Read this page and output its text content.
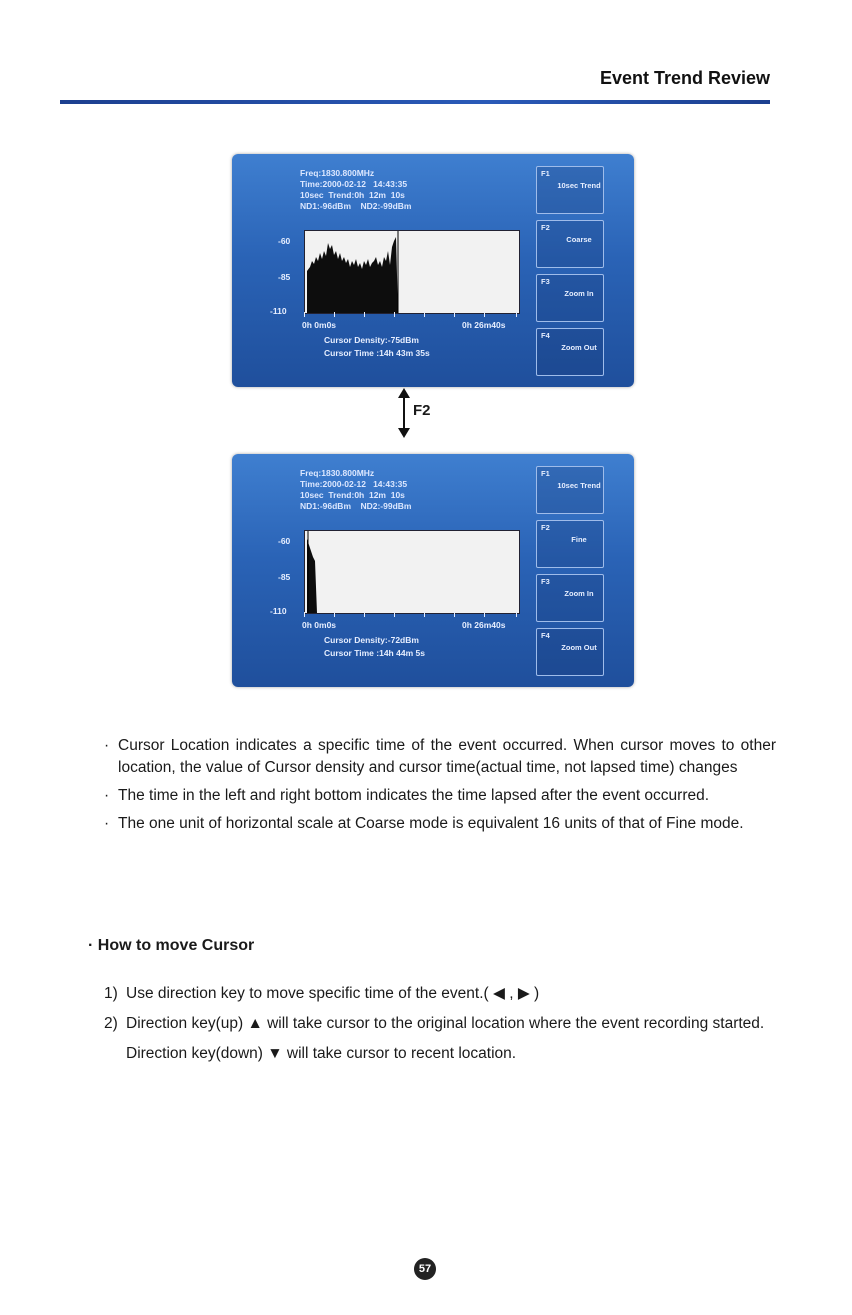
Event Trend Review
Freq:1830.800MHz
Time:2000-02-12   14:43:35
10sec  Trend:0h  12m  10s
ND1:-96dBm    ND2:-99dBm
-60
-85
-110
0h 0m0s	0h 26m40s
Cursor Density:-75dBm
Cursor Time :14h 43m 35s
F1
10sec Trend
F2
Coarse
F3
Zoom In
F4
Zoom Out
F2
Freq:1830.800MHz
Time:2000-02-12   14:43:35
10sec  Trend:0h  12m  10s
ND1:-96dBm    ND2:-99dBm
-60
-85
-110
0h 0m0s	0h 26m40s
Cursor Density:-72dBm
Cursor Time :14h 44m 5s
F1
10sec Trend
F2
Fine
F3
Zoom In
F4
Zoom Out
· Cursor Location indicates a specific time of the event occurred. When cursor moves to other location, the value of Cursor density and cursor time(actual time, not lapsed time) changes
· The time in the left and right bottom indicates the time lapsed after the event occurred.
· The one unit of horizontal scale at Coarse mode is equivalent 16 units of that of Fine mode.
· How to move Cursor
1) Use direction key to move specific time of the event.( ◀ , ▶ )
2) Direction key(up) ▲ will take cursor to the original location where the event recording started.
Direction key(down) ▼ will take cursor to recent location.
57
